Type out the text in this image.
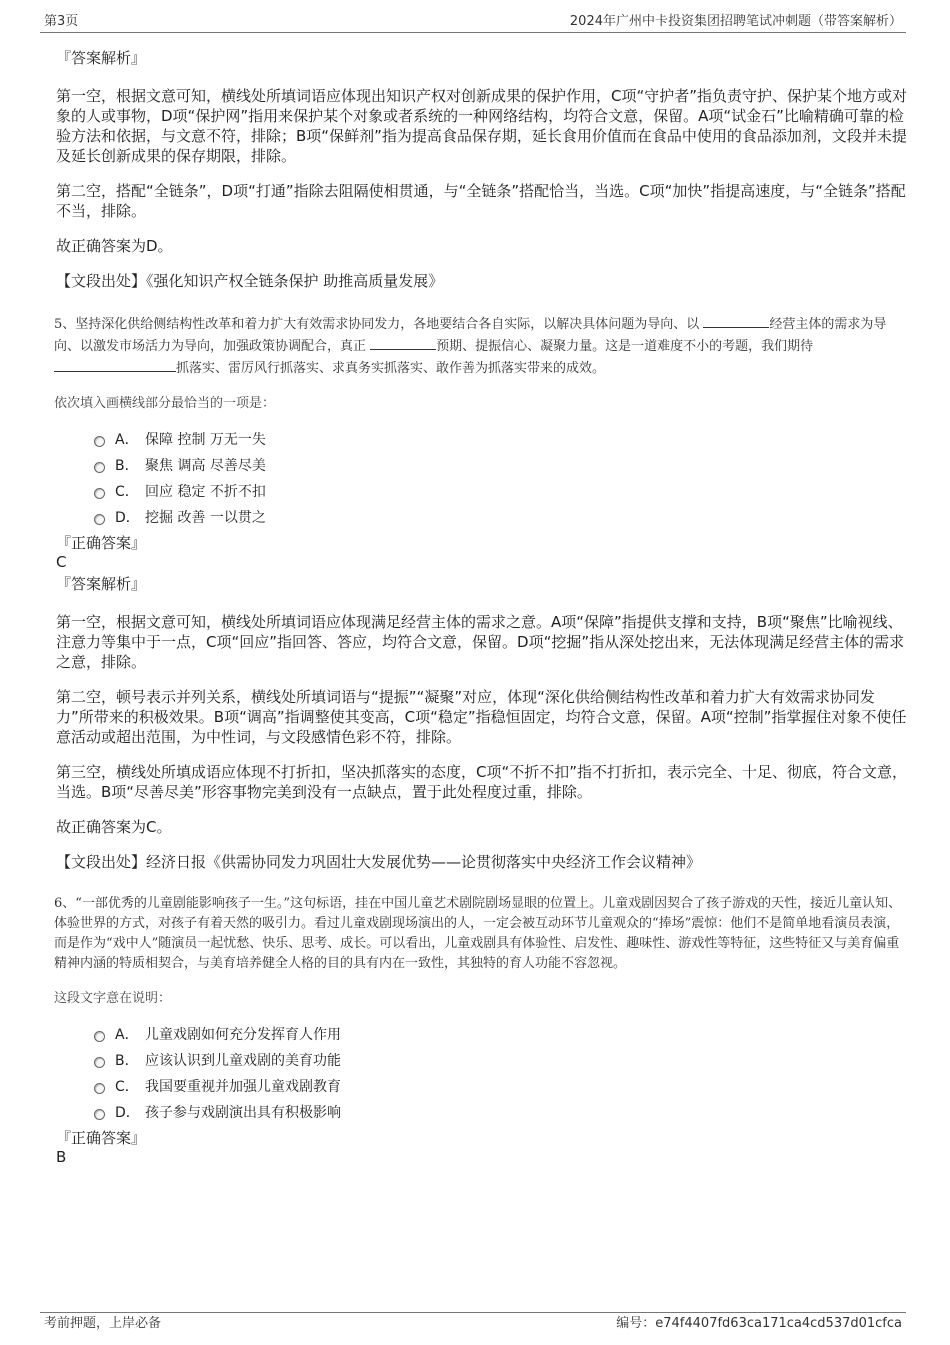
第3页	2024年广州中卡投资集团招聘笔试冲刺题（带答案解析）
『答案解析』
第一空，根据文意可知，横线处所填词语应体现出知识产权对创新成果的保护作用，C项“守护者”指负责守护、保护某个地方或对象的人或事物，D项“保护网”指用来保护某个对象或者系统的一种网络结构，均符合文意，保留。A项“试金石”比喻精确可靠的检验方法和依据，与文意不符，排除；B项“保鲜剂”指为提高食品保存期，延长食用价值而在食品中使用的食品添加剂，文段并未提及延长创新成果的保存期限，排除。
第二空，搭配“全链条”，D项“打通”指除去阻隔使相贯通，与“全链条”搭配恰当，当选。C项“加快”指提高速度，与“全链条”搭配不当，排除。
故正确答案为D。
【文段出处】《强化知识产权全链条保护 助推高质量发展》
5、坚持深化供给侧结构性改革和着力扩大有效需求协同发力，各地要结合各自实际，以解决具体问题为导向、以	经营主体的需求为导向、以激发市场活力为导向，加强政策协调配合，真正	预期、提振信心、凝聚力量。这是一道难度不小的考题，我们期待
抓落实、雷厉风行抓落实、求真务实抓落实、敢作善为抓落实带来的成效。
依次填入画横线部分最恰当的一项是：
A． 保障 控制 万无一失
B． 聚焦 调高 尽善尽美
C． 回应 稳定 不折不扣
D． 挖掘 改善 一以贯之
『正确答案』
C
『答案解析』
第一空，根据文意可知，横线处所填词语应体现满足经营主体的需求之意。A项“保障”指提供支撑和支持，B项“聚焦”比喻视线、注意力等集中于一点，C项“回应”指回答、答应，均符合文意，保留。D项“挖掘”指从深处挖出来，无法体现满足经营主体的需求之意，排除。
第二空，顿号表示并列关系，横线处所填词语与“提振”“凝聚”对应，体现“深化供给侧结构性改革和着力扩大有效需求协同发力”所带来的积极效果。B项“调高”指调整使其变高，C项“稳定”指稳恒固定，均符合文意，保留。A项“控制”指掌握住对象不使任意活动或超出范围，为中性词，与文段感情色彩不符，排除。
第三空，横线处所填成语应体现不打折扣，坚决抓落实的态度，C项“不折不扣”指不打折扣，表示完全、十足、彻底，符合文意，当选。B项“尽善尽美”形容事物完美到没有一点缺点，置于此处程度过重，排除。
故正确答案为C。
【文段出处】经济日报《供需协同发力巩固壮大发展优势——论贯彻落实中央经济工作会议精神》
6、“一部优秀的儿童剧能影响孩子一生。”这句标语，挂在中国儿童艺术剧院剧场显眼的位置上。儿童戏剧因契合了孩子游戏的天性，接近儿童认知、体验世界的方式，对孩子有着天然的吸引力。看过儿童戏剧现场演出的人，一定会被互动环节儿童观众的“捧场”震惊：他们不是简单地看演员表演，而是作为“戏中人”随演员一起忧愁、快乐、思考、成长。可以看出，儿童戏剧具有体验性、启发性、趣味性、游戏性等特征，这些特征又与美育偏重精神内涵的特质相契合，与美育培养健全人格的目的具有内在一致性，其独特的育人功能不容忽视。
这段文字意在说明：
A． 儿童戏剧如何充分发挥育人作用
B． 应该认识到儿童戏剧的美育功能
C． 我国要重视并加强儿童戏剧教育
D． 孩子参与戏剧演出具有积极影响
『正确答案』
B
考前押题，上岸必备	编号：e74f4407fd63ca171ca4cd537d01cfca
